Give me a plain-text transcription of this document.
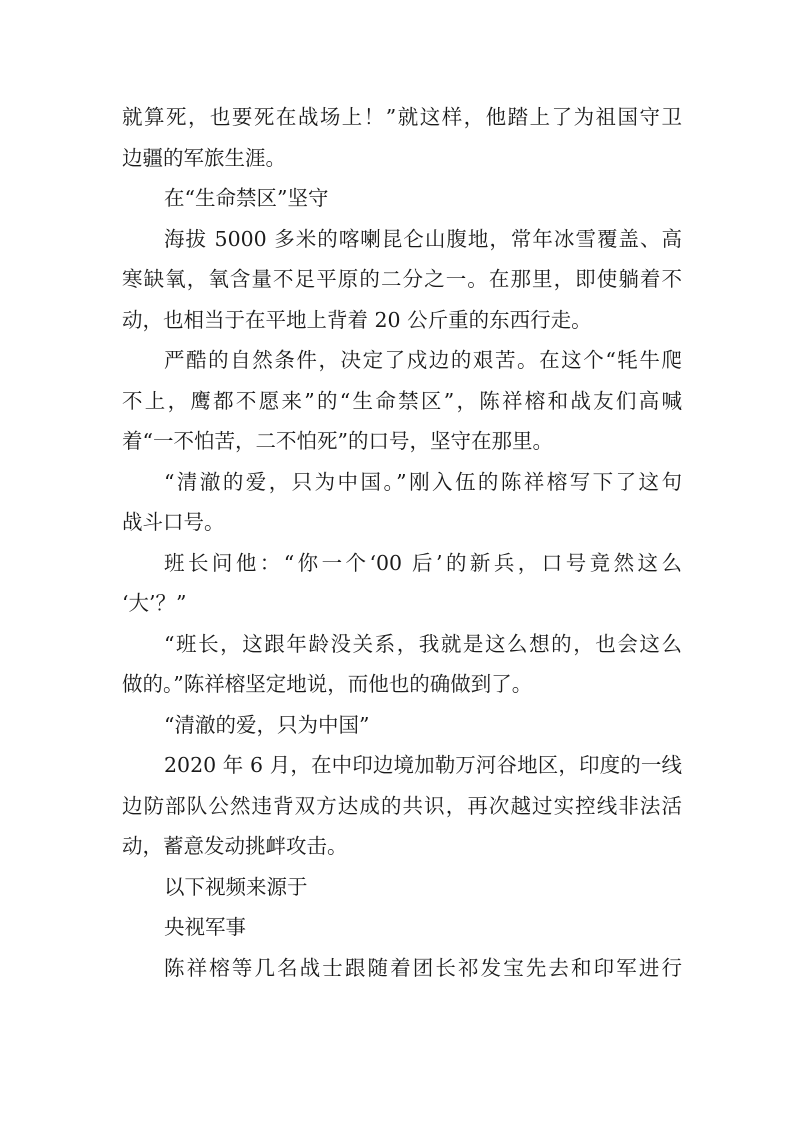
就算死，也要死在战场上！”就这样，他踏上了为祖国守卫
边疆的军旅生涯。
在“生命禁区”坚守
海拔 5000 多米的喀喇昆仑山腹地，常年冰雪覆盖、高
寒缺氧，氧含量不足平原的二分之一。在那里，即使躺着不
动，也相当于在平地上背着 20 公斤重的东西行走。
严酷的自然条件，决定了戍边的艰苦。在这个“牦牛爬
不上，鹰都不愿来”的“生命禁区”，陈祥榕和战友们高喊
着“一不怕苦，二不怕死”的口号，坚守在那里。
“清澈的爱，只为中国。”刚入伍的陈祥榕写下了这句
战斗口号。
班长问他：“你一个‘00 后’的新兵，口号竟然这么
‘大’？”
“班长，这跟年龄没关系，我就是这么想的，也会这么
做的。”陈祥榕坚定地说，而他也的确做到了。
“清澈的爱，只为中国”
2020 年 6 月，在中印边境加勒万河谷地区，印度的一线
边防部队公然违背双方达成的共识，再次越过实控线非法活
动，蓄意发动挑衅攻击。
以下视频来源于
央视军事
陈祥榕等几名战士跟随着团长祁发宝先去和印军进行
